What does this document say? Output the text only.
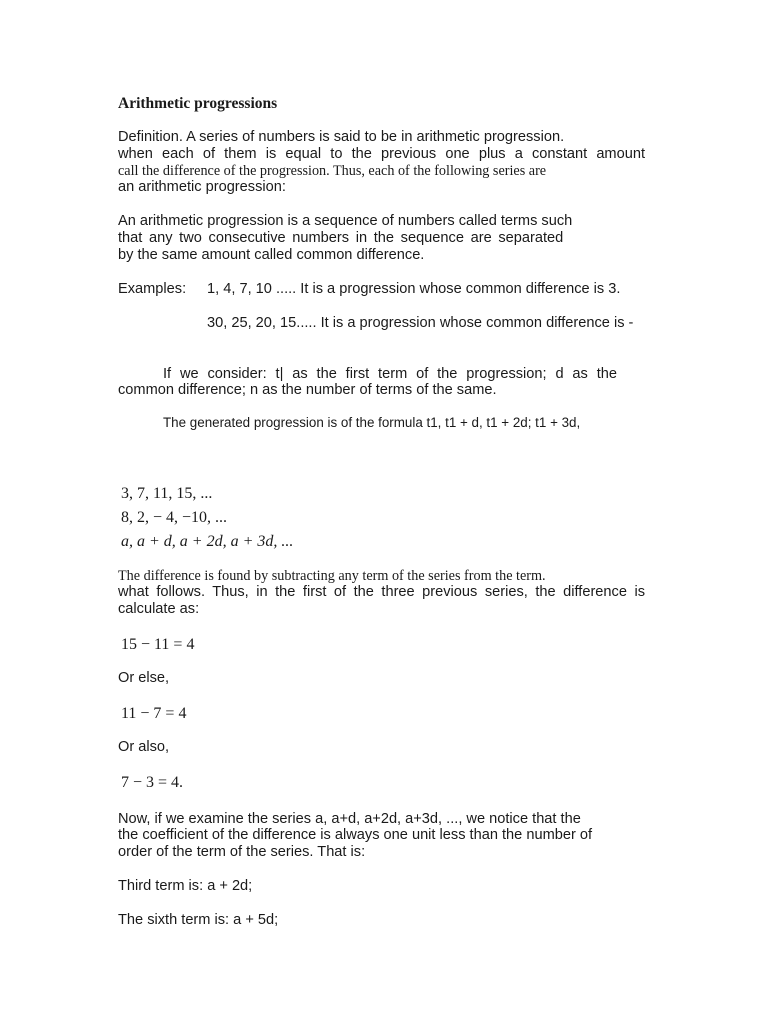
Arithmetic progressions
Definition. A series of numbers is said to be in arithmetic progression.
when each of them is equal to the previous one plus a constant amount
call the difference of the progression. Thus, each of the following series are
an arithmetic progression:
An arithmetic progression is a sequence of numbers called terms such
that any two consecutive numbers in the sequence are separated
by the same amount called common difference.
Examples: 1, 4, 7, 10 ..... It is a progression whose common difference is 3.
30, 25, 20, 15..... It is a progression whose common difference is -
If we consider: t| as the first term of the progression; d as the
common difference; n as the number of terms of the same.
The generated progression is of the formula t1, t1 + d, t1 + 2d; t1 + 3d,
3, 7, 11, 15, ...
8, 2, − 4, −10, ...
a, a + d, a + 2d, a + 3d, ...
The difference is found by subtracting any term of the series from the term.
what follows. Thus, in the first of the three previous series, the difference is
calculate as:
15 − 11 = 4
Or else,
11 − 7 = 4
Or also,
7 − 3 = 4.
Now, if we examine the series a, a+d, a+2d, a+3d, ..., we notice that the
the coefficient of the difference is always one unit less than the number of
order of the term of the series. That is:
Third term is: a + 2d;
The sixth term is: a + 5d;
